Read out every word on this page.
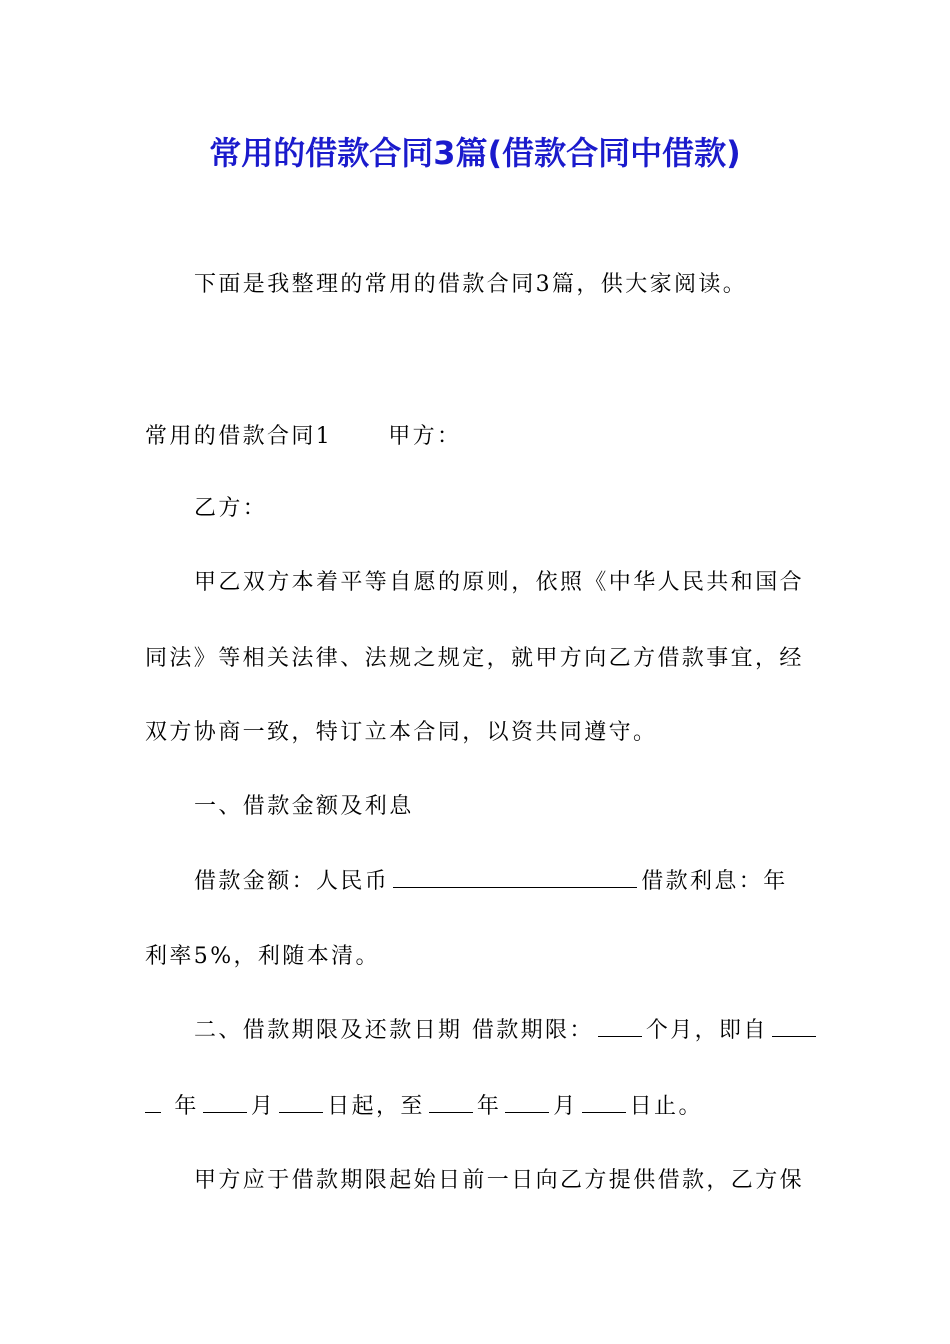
常用的借款合同3篇(借款合同中借款)
下面是我整理的常用的借款合同3篇，供大家阅读。
常用的借款合同1	甲方：
乙方：
甲乙双方本着平等自愿的原则，依照《中华人民共和国合
同法》等相关法律、法规之规定，就甲方向乙方借款事宜，经
双方协商一致，特订立本合同，以资共同遵守。
一、借款金额及利息
借款金额：人民币	借款利息：年
利率5%，利随本清。
二、借款期限及还款日期 借款期限： 个月，即自
年 月 日起，至 年 月 日止。
甲方应于借款期限起始日前一日向乙方提供借款，乙方保
